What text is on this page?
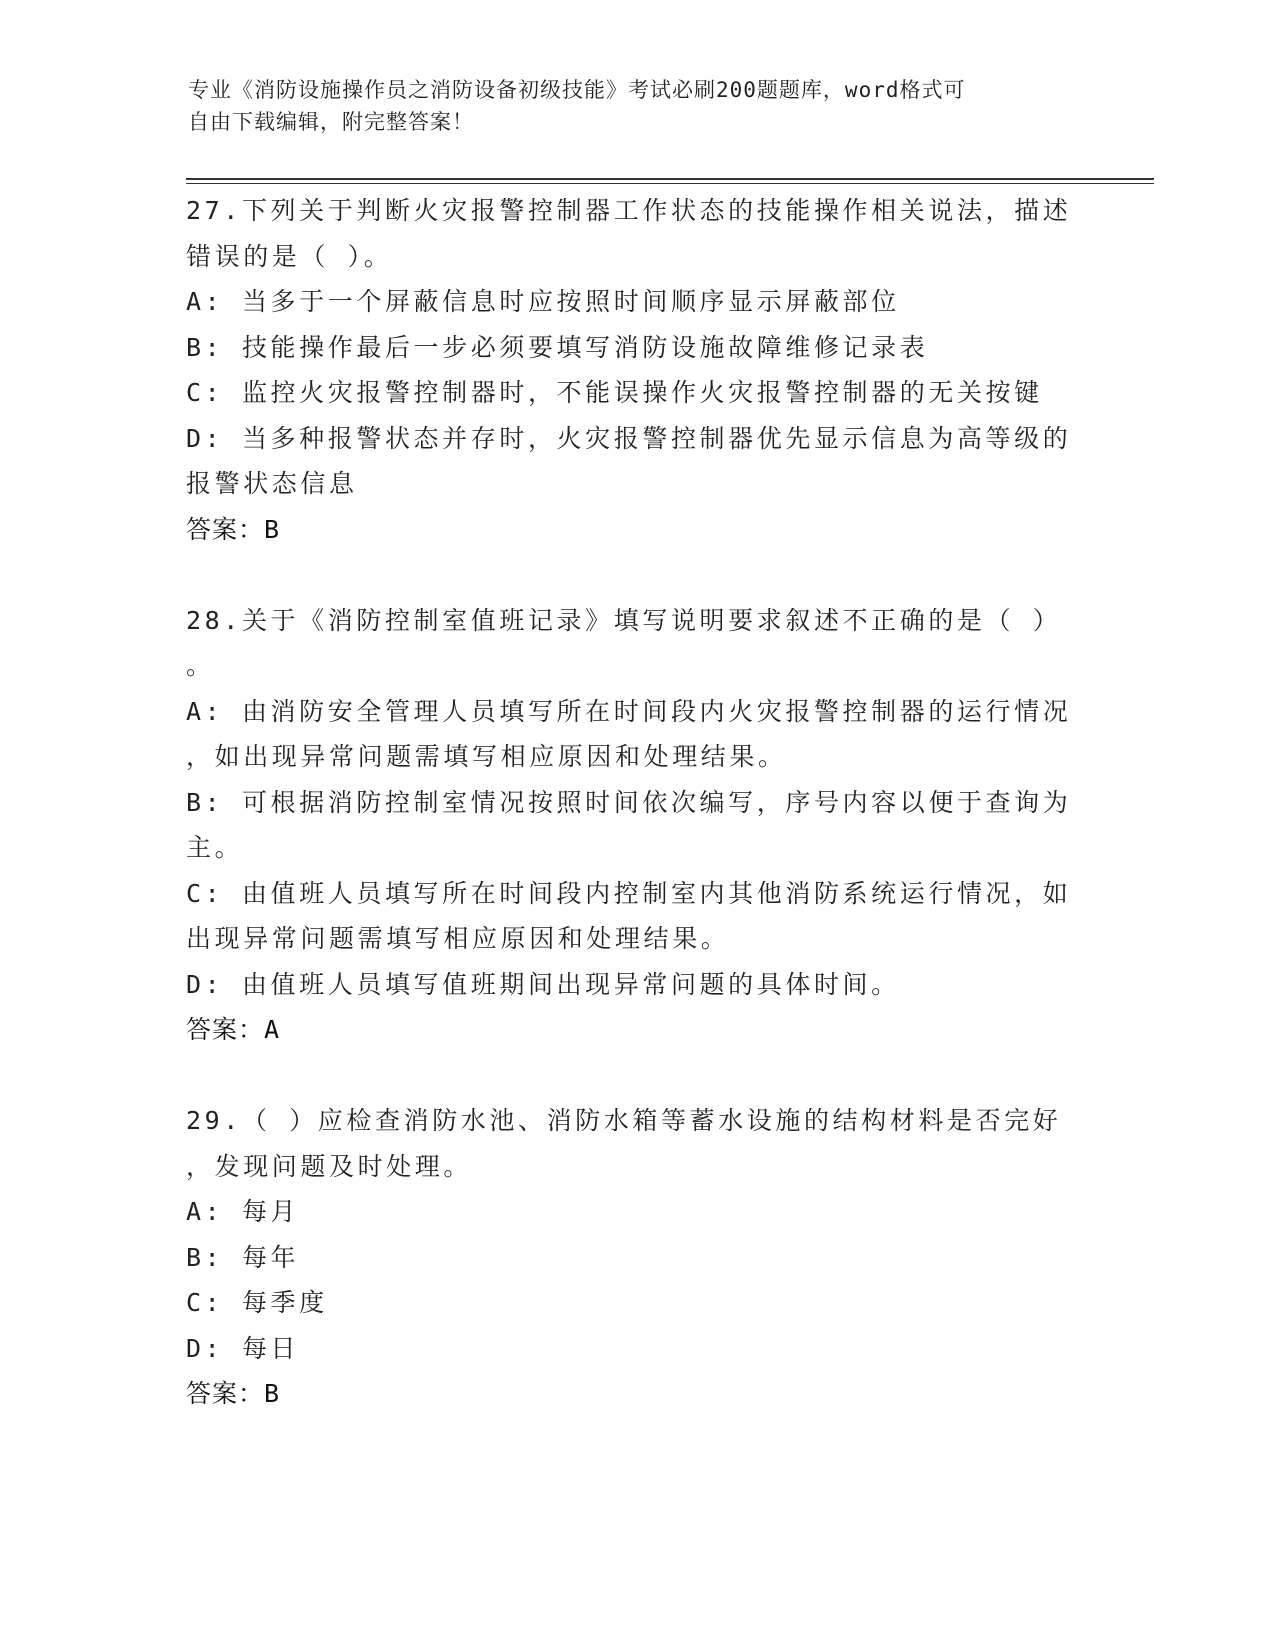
专业《消防设施操作员之消防设备初级技能》考试必刷200题题库，word格式可
自由下载编辑，附完整答案！
27.下列关于判断火灾报警控制器工作状态的技能操作相关说法，描述
错误的是（ ）。
A: 当多于一个屏蔽信息时应按照时间顺序显示屏蔽部位
B: 技能操作最后一步必须要填写消防设施故障维修记录表
C: 监控火灾报警控制器时，不能误操作火灾报警控制器的无关按键
D: 当多种报警状态并存时，火灾报警控制器优先显示信息为高等级的
报警状态信息
答案：B
28.关于《消防控制室值班记录》填写说明要求叙述不正确的是（ ）
。
A: 由消防安全管理人员填写所在时间段内火灾报警控制器的运行情况
，如出现异常问题需填写相应原因和处理结果。
B: 可根据消防控制室情况按照时间依次编写，序号内容以便于查询为
主。
C: 由值班人员填写所在时间段内控制室内其他消防系统运行情况，如
出现异常问题需填写相应原因和处理结果。
D: 由值班人员填写值班期间出现异常问题的具体时间。
答案：A
29.（ ）应检查消防水池、消防水箱等蓄水设施的结构材料是否完好
，发现问题及时处理。
A: 每月
B: 每年
C: 每季度
D: 每日
答案：B
